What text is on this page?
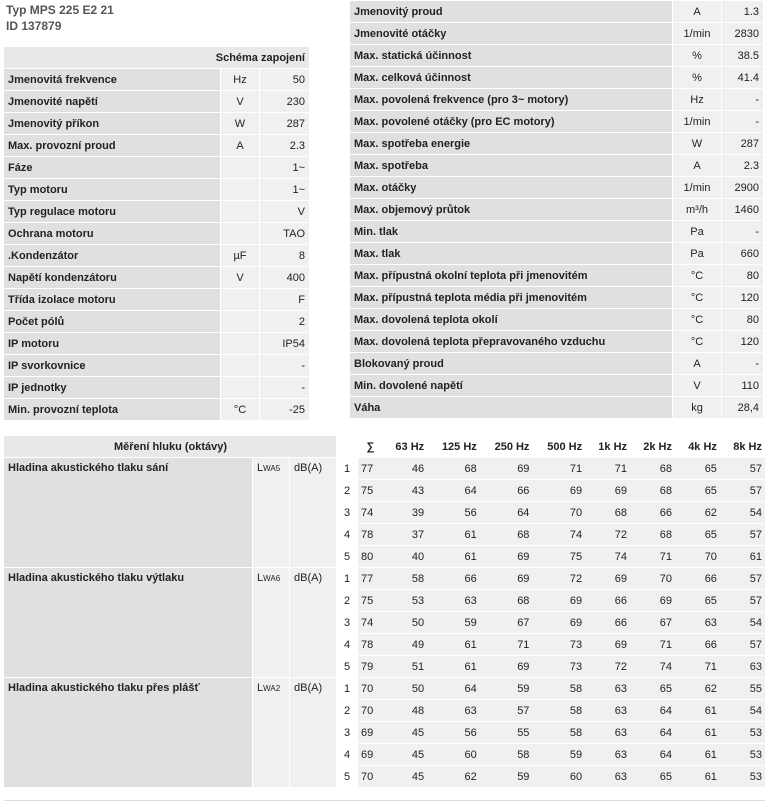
Typ MPS 225 E2 21
ID 137879
Schéma zapojení		
Jmenovitá frekvence	Hz	50
Jmenovité napětí	V	230
Jmenovitý příkon	W	287
Max. provozní proud	A	2.3
Fáze		1~
Typ motoru		1~
Typ regulace motoru		V
Ochrana motoru		TAO
.Kondenzátor	µF	8
Napětí kondenzátoru	V	400
Třída izolace motoru		F
Počet pólů		2
IP motoru		IP54
IP svorkovnice		-
IP jednotky		-
Min. provozní teplota	°C	-25
Jmenovitý proud	A	1.3
Jmenovité otáčky	1/min	2830
Max. statická účinnost	%	38.5
Max. celková účinnost	%	41.4
Max. povolená frekvence (pro 3~ motory)	Hz	-
Max. povolené otáčky (pro EC motory)	1/min	-
Max. spotřeba energie	W	287
Max. spotřeba	A	2.3
Max. otáčky	1/min	2900
Max. objemový průtok	m³/h	1460
Min. tlak	Pa	-
Max. tlak	Pa	660
Max. přípustná okolní teplota při jmenovitém	°C	80
Max. přípustná teplota média při jmenovitém	°C	120
Max. dovolená teplota okolí	°C	80
Max. dovolená teplota přepravovaného vzduchu	°C	120
Blokovaný proud	A	-
Min. dovolené napětí	V	110
Váha	kg	28,4
Měření hluku (oktávy)				∑	63 Hz	125 Hz	250 Hz	500 Hz	1k Hz	2k Hz	4k Hz	8k Hz
Hladina akustického tlaku sání	LWA5	dB(A)	1	77	46	68	69	71	71	68	65	57
			2	75	43	64	66	69	69	68	65	57
			3	74	39	56	64	70	68	66	62	54
			4	78	37	61	68	74	72	68	65	57
			5	80	40	61	69	75	74	71	70	61
Hladina akustického tlaku výtlaku	LWA6	dB(A)	1	77	58	66	69	72	69	70	66	57
			2	75	53	63	68	69	66	69	65	57
			3	74	50	59	67	69	66	67	63	54
			4	78	49	61	71	73	69	71	66	57
			5	79	51	61	69	73	72	74	71	63
Hladina akustického tlaku přes plášť	LWA2	dB(A)	1	70	50	64	59	58	63	65	62	55
			2	70	48	63	57	58	63	64	61	54
			3	69	45	56	55	58	63	64	61	53
			4	69	45	60	58	59	63	64	61	53
			5	70	45	62	59	60	63	65	61	53
